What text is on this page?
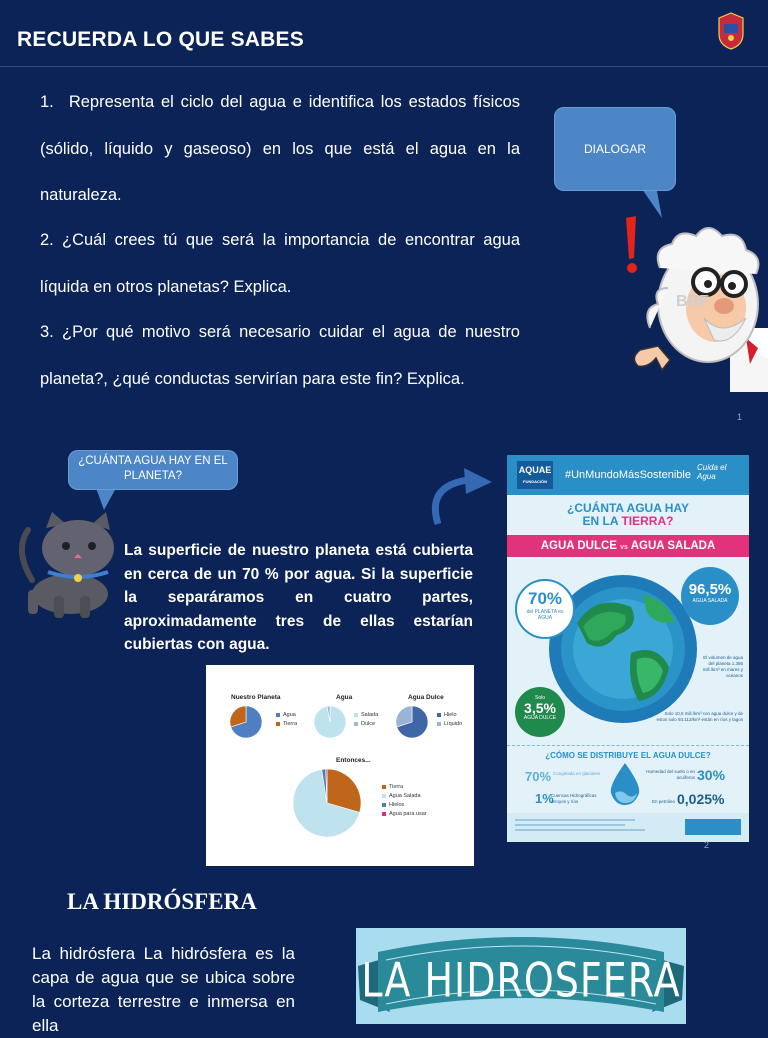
RECUERDA LO QUE SABES
1. Representa el ciclo del agua e identifica los estados físicos (sólido, líquido y gaseoso) en los que está el agua en la naturaleza.
2. ¿Cuál crees tú que será la importancia de encontrar agua líquida en otros planetas? Explica.
3. ¿Por qué motivo será necesario cuidar el agua de nuestro planeta?, ¿qué conductas servirían para este fin? Explica.
DIALOGAR
BRF
1
¿CUÁNTA AGUA HAY EN EL PLANETA?
La superficie de nuestro planeta está cubierta en cerca de un 70 % por agua. Si la superficie la separáramos en cuatro partes, aproximadamente tres de ellas estarían cubiertas con agua.
Nuestro Planeta	Agua	Agua Dulce
Entonces...
Agua
Tierra
Salada
Dulce
Hielo
Líquido
Tierra
Agua Salada
Hielos
Agua para usar
AQUAE
FUNDACIÓN
#UnMundoMásSostenible
Cuida el Agua
¿CUÁNTA AGUA HAY
EN LA TIERRA?
AGUA DULCE vs AGUA SALADA
70%
del PLANETA es AGUA
96,5%
AGUA SALADA
Solo
3,5%
AGUA DULCE
El volumen de agua del planeta 1.386 mill./km³ en mares y océanos
Solo 10,6 mill./km³ con agua dulce y de estos solo 93.113/km³ están en ríos y lagos
¿CÓMO SE DISTRIBUYE EL AGUA DULCE?
70% Congelada en glaciares	Humedad del suelo o en acuíferos 30%
1%
Cuencas Hidrográficas arroyos y ríos	En petróleo 0,025%
2
LA HIDRÓSFERA
La hidrósfera La hidrósfera es la capa de agua que se ubica sobre la corteza terrestre e inmersa en ella
LA HIDROSFERA
